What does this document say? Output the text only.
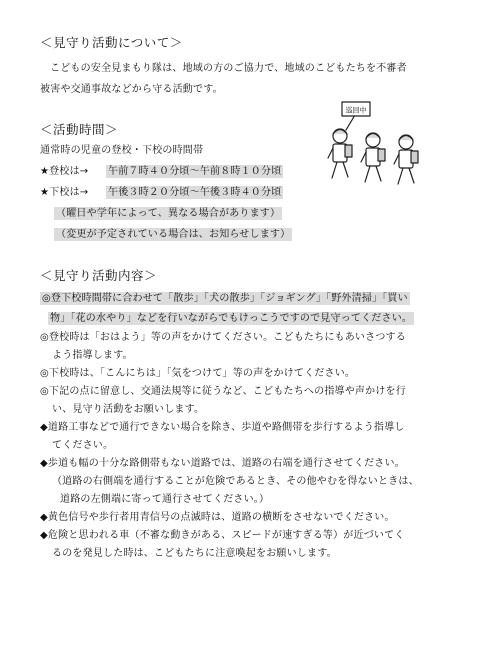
＜見守り活動について＞
こどもの安全見まもり隊は、地域の方のご協力で、地域のこどもたちを不審者
被害や交通事故などから守る活動です。
＜活動時間＞
通常時の児童の登校・下校の時間帯
★登校は→ 午前７時４０分頃～午前８時１０分頃
★下校は→ 午後３時２０分頃～午後３時４０分頃
（曜日や学年によって、異なる場合があります）
（変更が予定されている場合は、お知らせします）
巡回中
＜見守り活動内容＞
◎登下校時間帯に合わせて「散歩」「犬の散歩」「ジョギング」「野外清掃」「買い
物」「花の水やり」などを行いながらでもけっこうですので見守ってください。
◎登校時は「おはよう」等の声をかけてください。こどもたちにもあいさつする
よう指導します。
◎下校時は、「こんにちは」「気をつけて」等の声をかけてください。
◎下記の点に留意し、交通法規等に従うなど、こどもたちへの指導や声かけを行
い、見守り活動をお願いします。
◆道路工事などで通行できない場合を除き、歩道や路側帯を歩行するよう指導し
てください。
◆歩道も幅の十分な路側帯もない道路では、道路の右端を通行させてください。
（道路の右側端を通行することが危険であるとき、その他やむを得ないときは、
道路の左側端に寄って通行させてください。）
◆黄色信号や歩行者用青信号の点滅時は、道路の横断をさせないでください。
◆危険と思われる車（不審な動きがある、スピードが速すぎる等）が近づいてく
るのを発見した時は、こどもたちに注意喚起をお願いします。
